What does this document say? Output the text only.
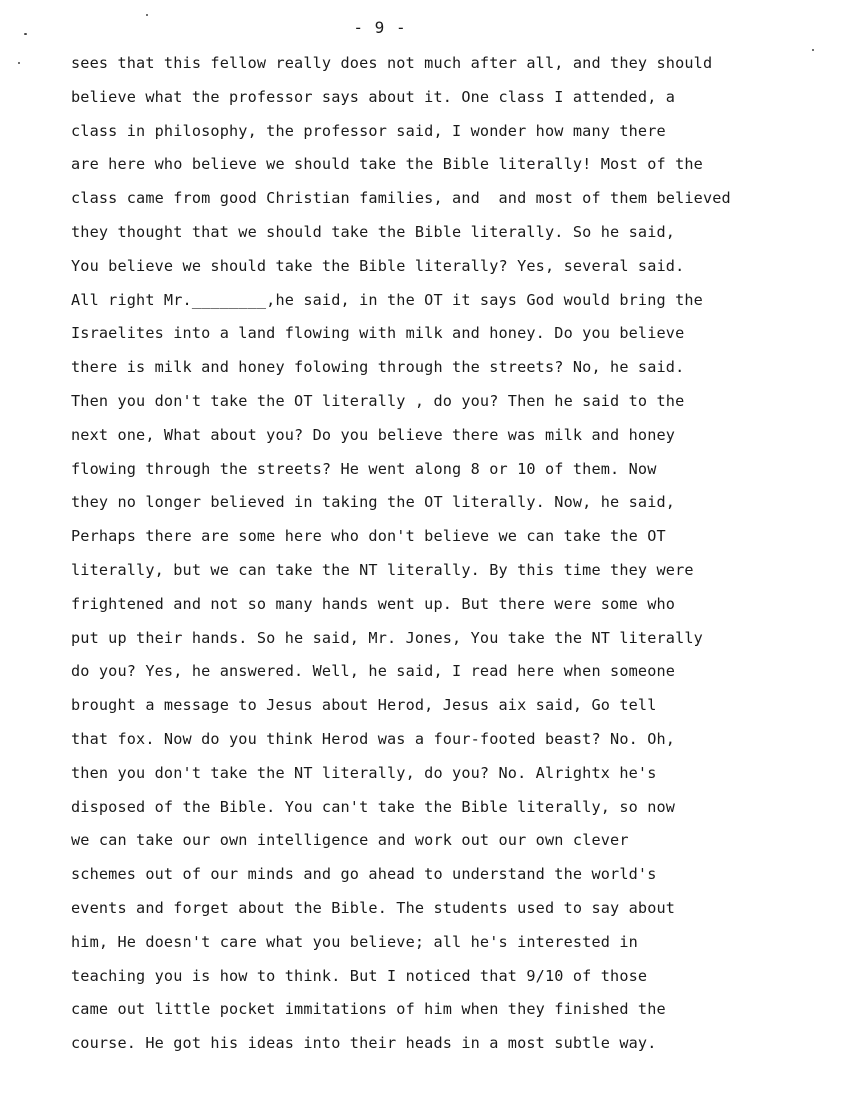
- 9 -
sees that this fellow really does not much after all, and they should
believe what the professor says about it. One class I attended, a
class in philosophy, the professor said, I wonder how many there
are here who believe we should take the Bible literally! Most of the
class came from good Christian families, and  and most of them believed
they thought that we should take the Bible literally. So he said,
You believe we should take the Bible literally? Yes, several said.
All right Mr.________,he said, in the OT it says God would bring the
Israelites into a land flowing with milk and honey. Do you believe
there is milk and honey folowing through the streets? No, he said.
Then you don't take the OT literally , do you? Then he said to the
next one, What about you? Do you believe there was milk and honey
flowing through the streets? He went along 8 or 10 of them. Now
they no longer believed in taking the OT literally. Now, he said,
Perhaps there are some here who don't believe we can take the OT
literally, but we can take the NT literally. By this time they were
frightened and not so many hands went up. But there were some who
put up their hands. So he said, Mr. Jones, You take the NT literally
do you? Yes, he answered. Well, he said, I read here when someone
brought a message to Jesus about Herod, Jesus aix said, Go tell
that fox. Now do you think Herod was a four-footed beast? No. Oh,
then you don't take the NT literally, do you? No. Alrightx he's
disposed of the Bible. You can't take the Bible literally, so now
we can take our own intelligence and work out our own clever
schemes out of our minds and go ahead to understand the world's
events and forget about the Bible. The students used to say about
him, He doesn't care what you believe; all he's interested in
teaching you is how to think. But I noticed that 9/10 of those
came out little pocket immitations of him when they finished the
course. He got his ideas into their heads in a most subtle way.
